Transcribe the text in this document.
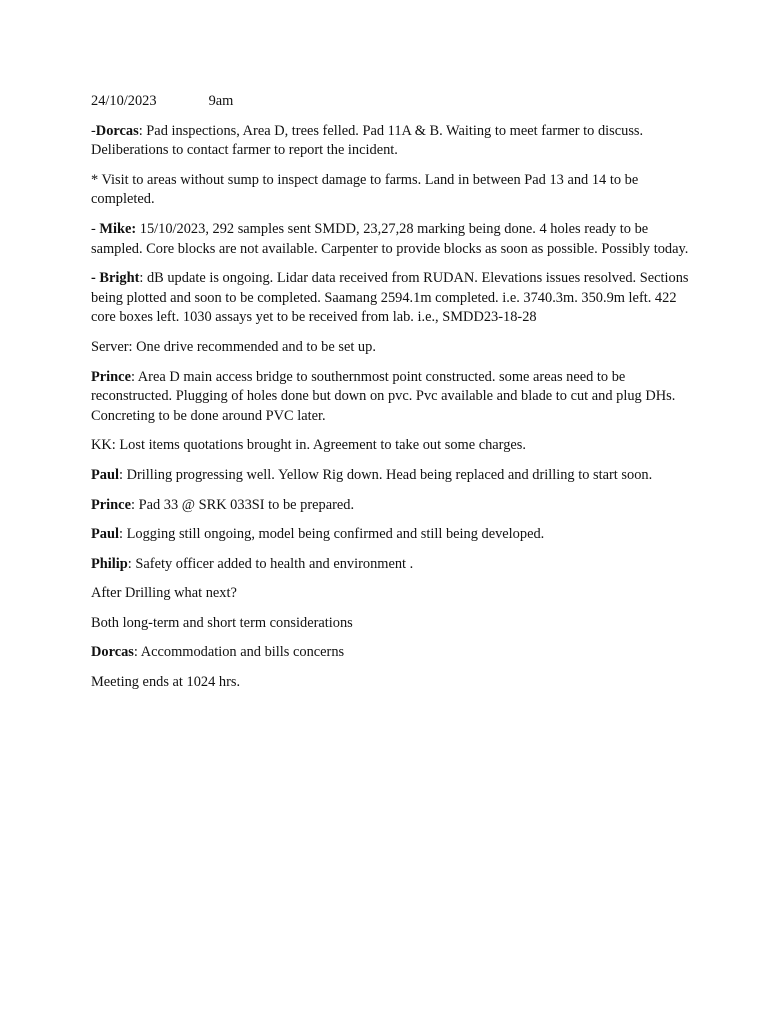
24/10/2023	9am

-Dorcas: Pad inspections, Area D, trees felled. Pad 11A & B. Waiting to meet farmer to discuss. Deliberations to contact farmer to report the incident.

* Visit to areas without sump to inspect damage to farms. Land in between Pad 13 and 14 to be completed.

- Mike: 15/10/2023, 292 samples sent SMDD, 23,27,28 marking being done. 4 holes ready to be sampled. Core blocks are not available. Carpenter to provide blocks as soon as possible. Possibly today.

- Bright: dB update is ongoing. Lidar data received from RUDAN. Elevations issues resolved. Sections being plotted and soon to be completed. Saamang 2594.1m completed. i.e. 3740.3m. 350.9m left. 422 core boxes left. 1030 assays yet to be received from lab. i.e., SMDD23-18-28

Server: One drive recommended and to be set up.

Prince: Area D main access bridge to southernmost point constructed. some areas need to be reconstructed. Plugging of holes done but down on pvc. Pvc available and blade to cut and plug DHs. Concreting to be done around PVC later.

KK: Lost items quotations brought in. Agreement to take out some charges.

Paul: Drilling progressing well. Yellow Rig down. Head being replaced and drilling to start soon.

Prince: Pad 33 @ SRK 033SI to be prepared.

Paul: Logging still ongoing, model being confirmed and still being developed.

Philip: Safety officer added to health and environment .

After Drilling what next?

Both long-term and short term considerations

Dorcas: Accommodation and bills concerns

Meeting ends at 1024 hrs.
